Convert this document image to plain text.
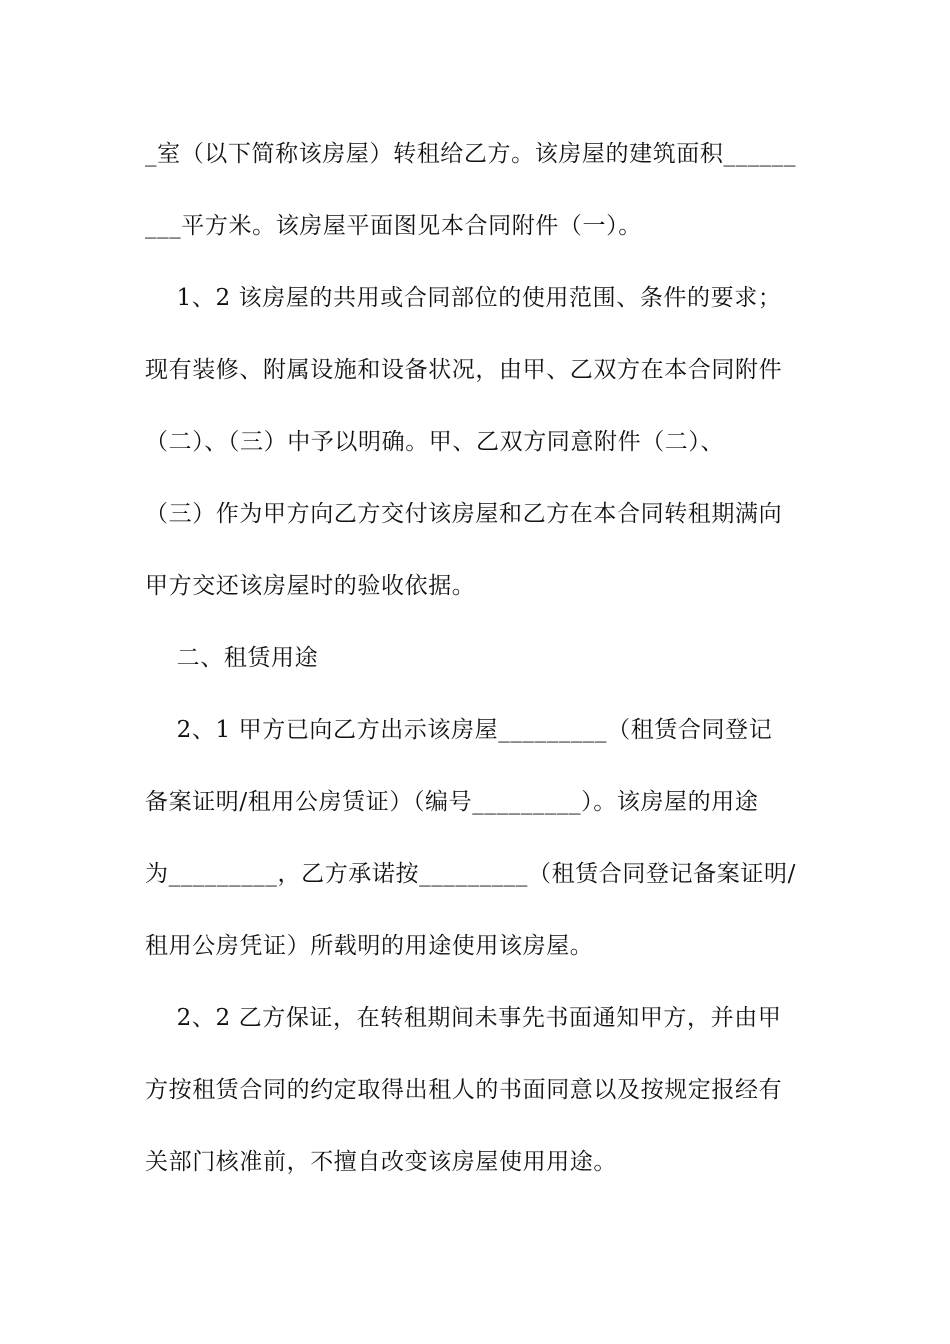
_室（以下简称该房屋）转租给乙方。该房屋的建筑面积______
___平方米。该房屋平面图见本合同附件（一）。
1、2 该房屋的共用或合同部位的使用范围、条件的要求；
现有装修、附属设施和设备状况，由甲、乙双方在本合同附件
（二）、（三）中予以明确。甲、乙双方同意附件（二）、
（三）作为甲方向乙方交付该房屋和乙方在本合同转租期满向
甲方交还该房屋时的验收依据。
二、租赁用途
2、1 甲方已向乙方出示该房屋_________（租赁合同登记
备案证明/租用公房赁证）（编号_________）。该房屋的用途
为_________，乙方承诺按_________（租赁合同登记备案证明/
租用公房凭证）所载明的用途使用该房屋。
2、2 乙方保证，在转租期间未事先书面通知甲方，并由甲
方按租赁合同的约定取得出租人的书面同意以及按规定报经有
关部门核准前，不擅自改变该房屋使用用途。
